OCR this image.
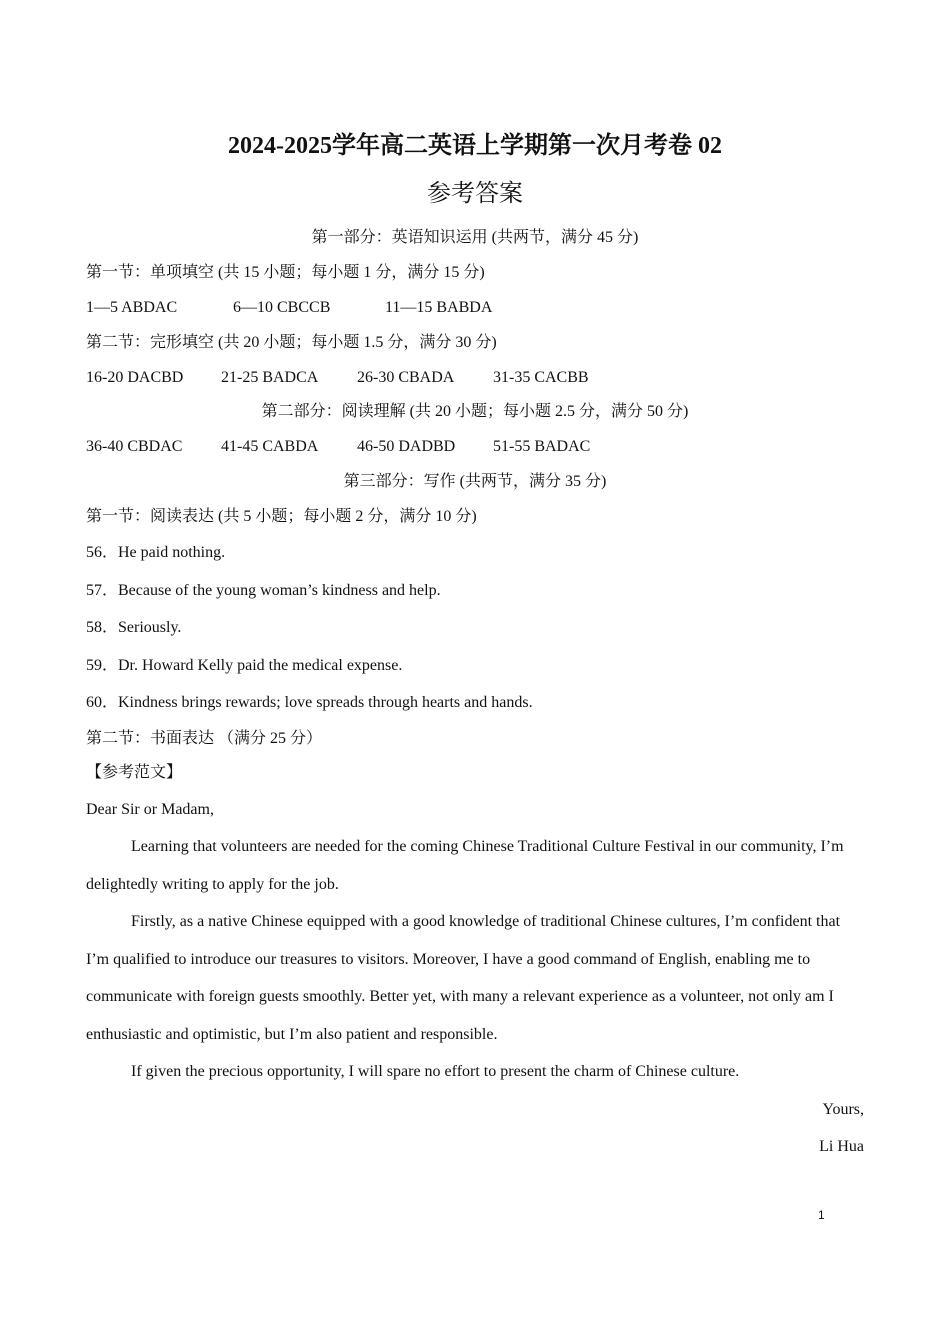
2024-2025学年高二英语上学期第一次月考卷 02
参考答案
第一部分：英语知识运用 (共两节，满分 45 分)
第一节：单项填空 (共 15 小题；每小题 1 分，满分 15 分)
1—5 ABDAC	6—10 CBCCB	11—15 BABDA
第二节：完形填空 (共 20 小题；每小题 1.5 分，满分 30 分)
16-20 DACBD 21-25 BADCA 26-30 CBADA 31-35 CACBB
第二部分：阅读理解 (共 20 小题；每小题 2.5 分，满分 50 分)
36-40 CBDAC 41-45 CABDA 46-50 DADBD 51-55 BADAC
第三部分：写作 (共两节，满分 35 分)
第一节：阅读表达 (共 5 小题；每小题 2 分，满分 10 分)
56．He paid nothing.
57．Because of the young woman’s kindness and help.
58．Seriously.
59．Dr. Howard Kelly paid the medical expense.
60．Kindness brings rewards; love spreads through hearts and hands.
第二节：书面表达 （满分 25 分）
【参考范文】
Dear Sir or Madam,

Learning that volunteers are needed for the coming Chinese Traditional Culture Festival in our community, I’m delightedly writing to apply for the job.

Firstly, as a native Chinese equipped with a good knowledge of traditional Chinese cultures, I’m confident that I’m qualified to introduce our treasures to visitors. Moreover, I have a good command of English, enabling me to communicate with foreign guests smoothly. Better yet, with many a relevant experience as a volunteer, not only am I enthusiastic and optimistic, but I’m also patient and responsible.

If given the precious opportunity, I will spare no effort to present the charm of Chinese culture.

Yours,
Li Hua
1
